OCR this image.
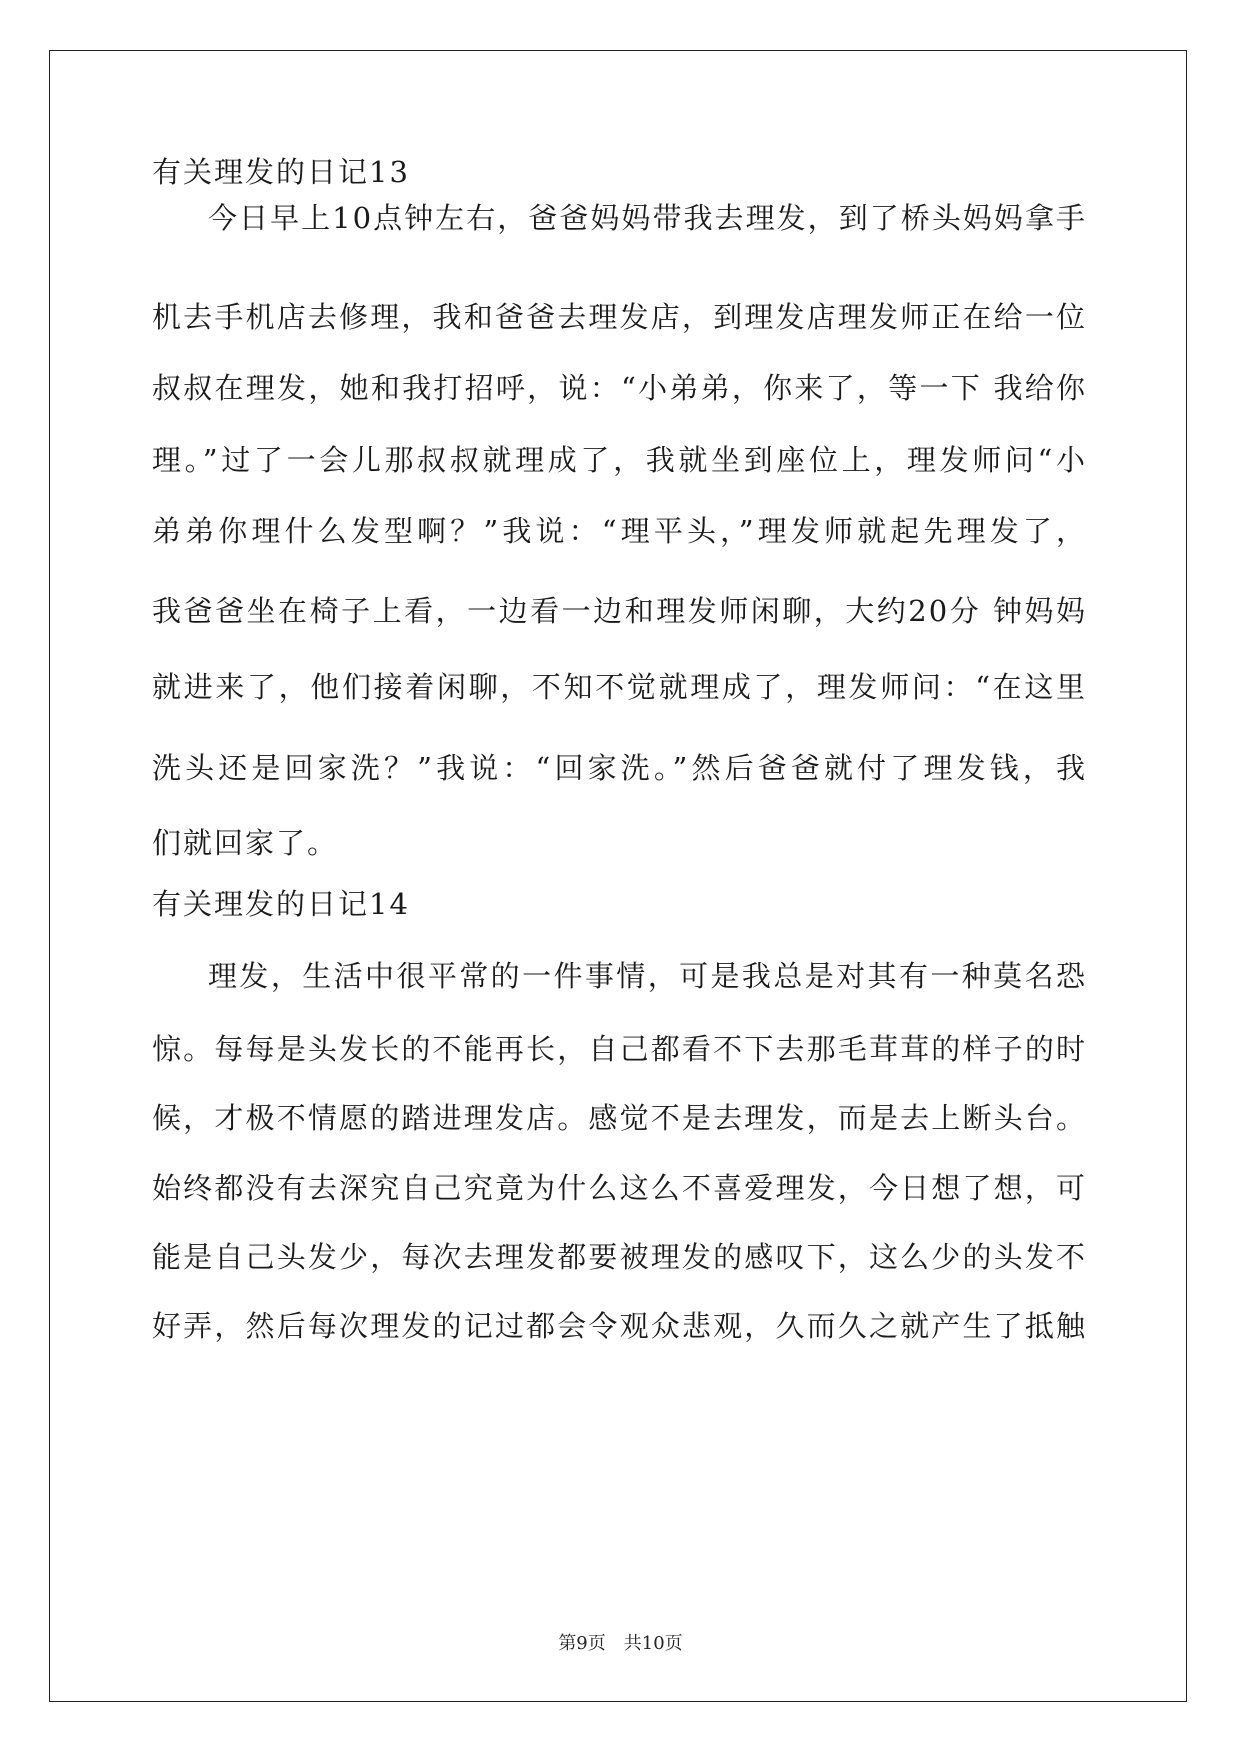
有关理发的日记13
今日早上10点钟左右，爸爸妈妈带我去理发，到了桥头妈妈拿手
机去手机店去修理，我和爸爸去理发店，到理发店理发师正在给一位
叔叔在理发，她和我打招呼，说：“小弟弟，你来了，等一下 我给你
理。”过了一会儿那叔叔就理成了，我就坐到座位上，理发师问“小
弟弟你理什么发型啊？”我说：“理平头，”理发师就起先理发了，
我爸爸坐在椅子上看，一边看一边和理发师闲聊，大约20分 钟妈妈
就进来了，他们接着闲聊，不知不觉就理成了，理发师问：“在这里
洗头还是回家洗？”我说：“回家洗。”然后爸爸就付了理发钱，我
们就回家了。
有关理发的日记14
理发，生活中很平常的一件事情，可是我总是对其有一种莫名恐
惊。每每是头发长的不能再长，自己都看不下去那毛茸茸的样子的时
候，才极不情愿的踏进理发店。感觉不是去理发，而是去上断头台。
始终都没有去深究自己究竟为什么这么不喜爱理发，今日想了想，可
能是自己头发少，每次去理发都要被理发的感叹下，这么少的头发不
好弄，然后每次理发的记过都会令观众悲观，久而久之就产生了抵触
第9页　共10页
